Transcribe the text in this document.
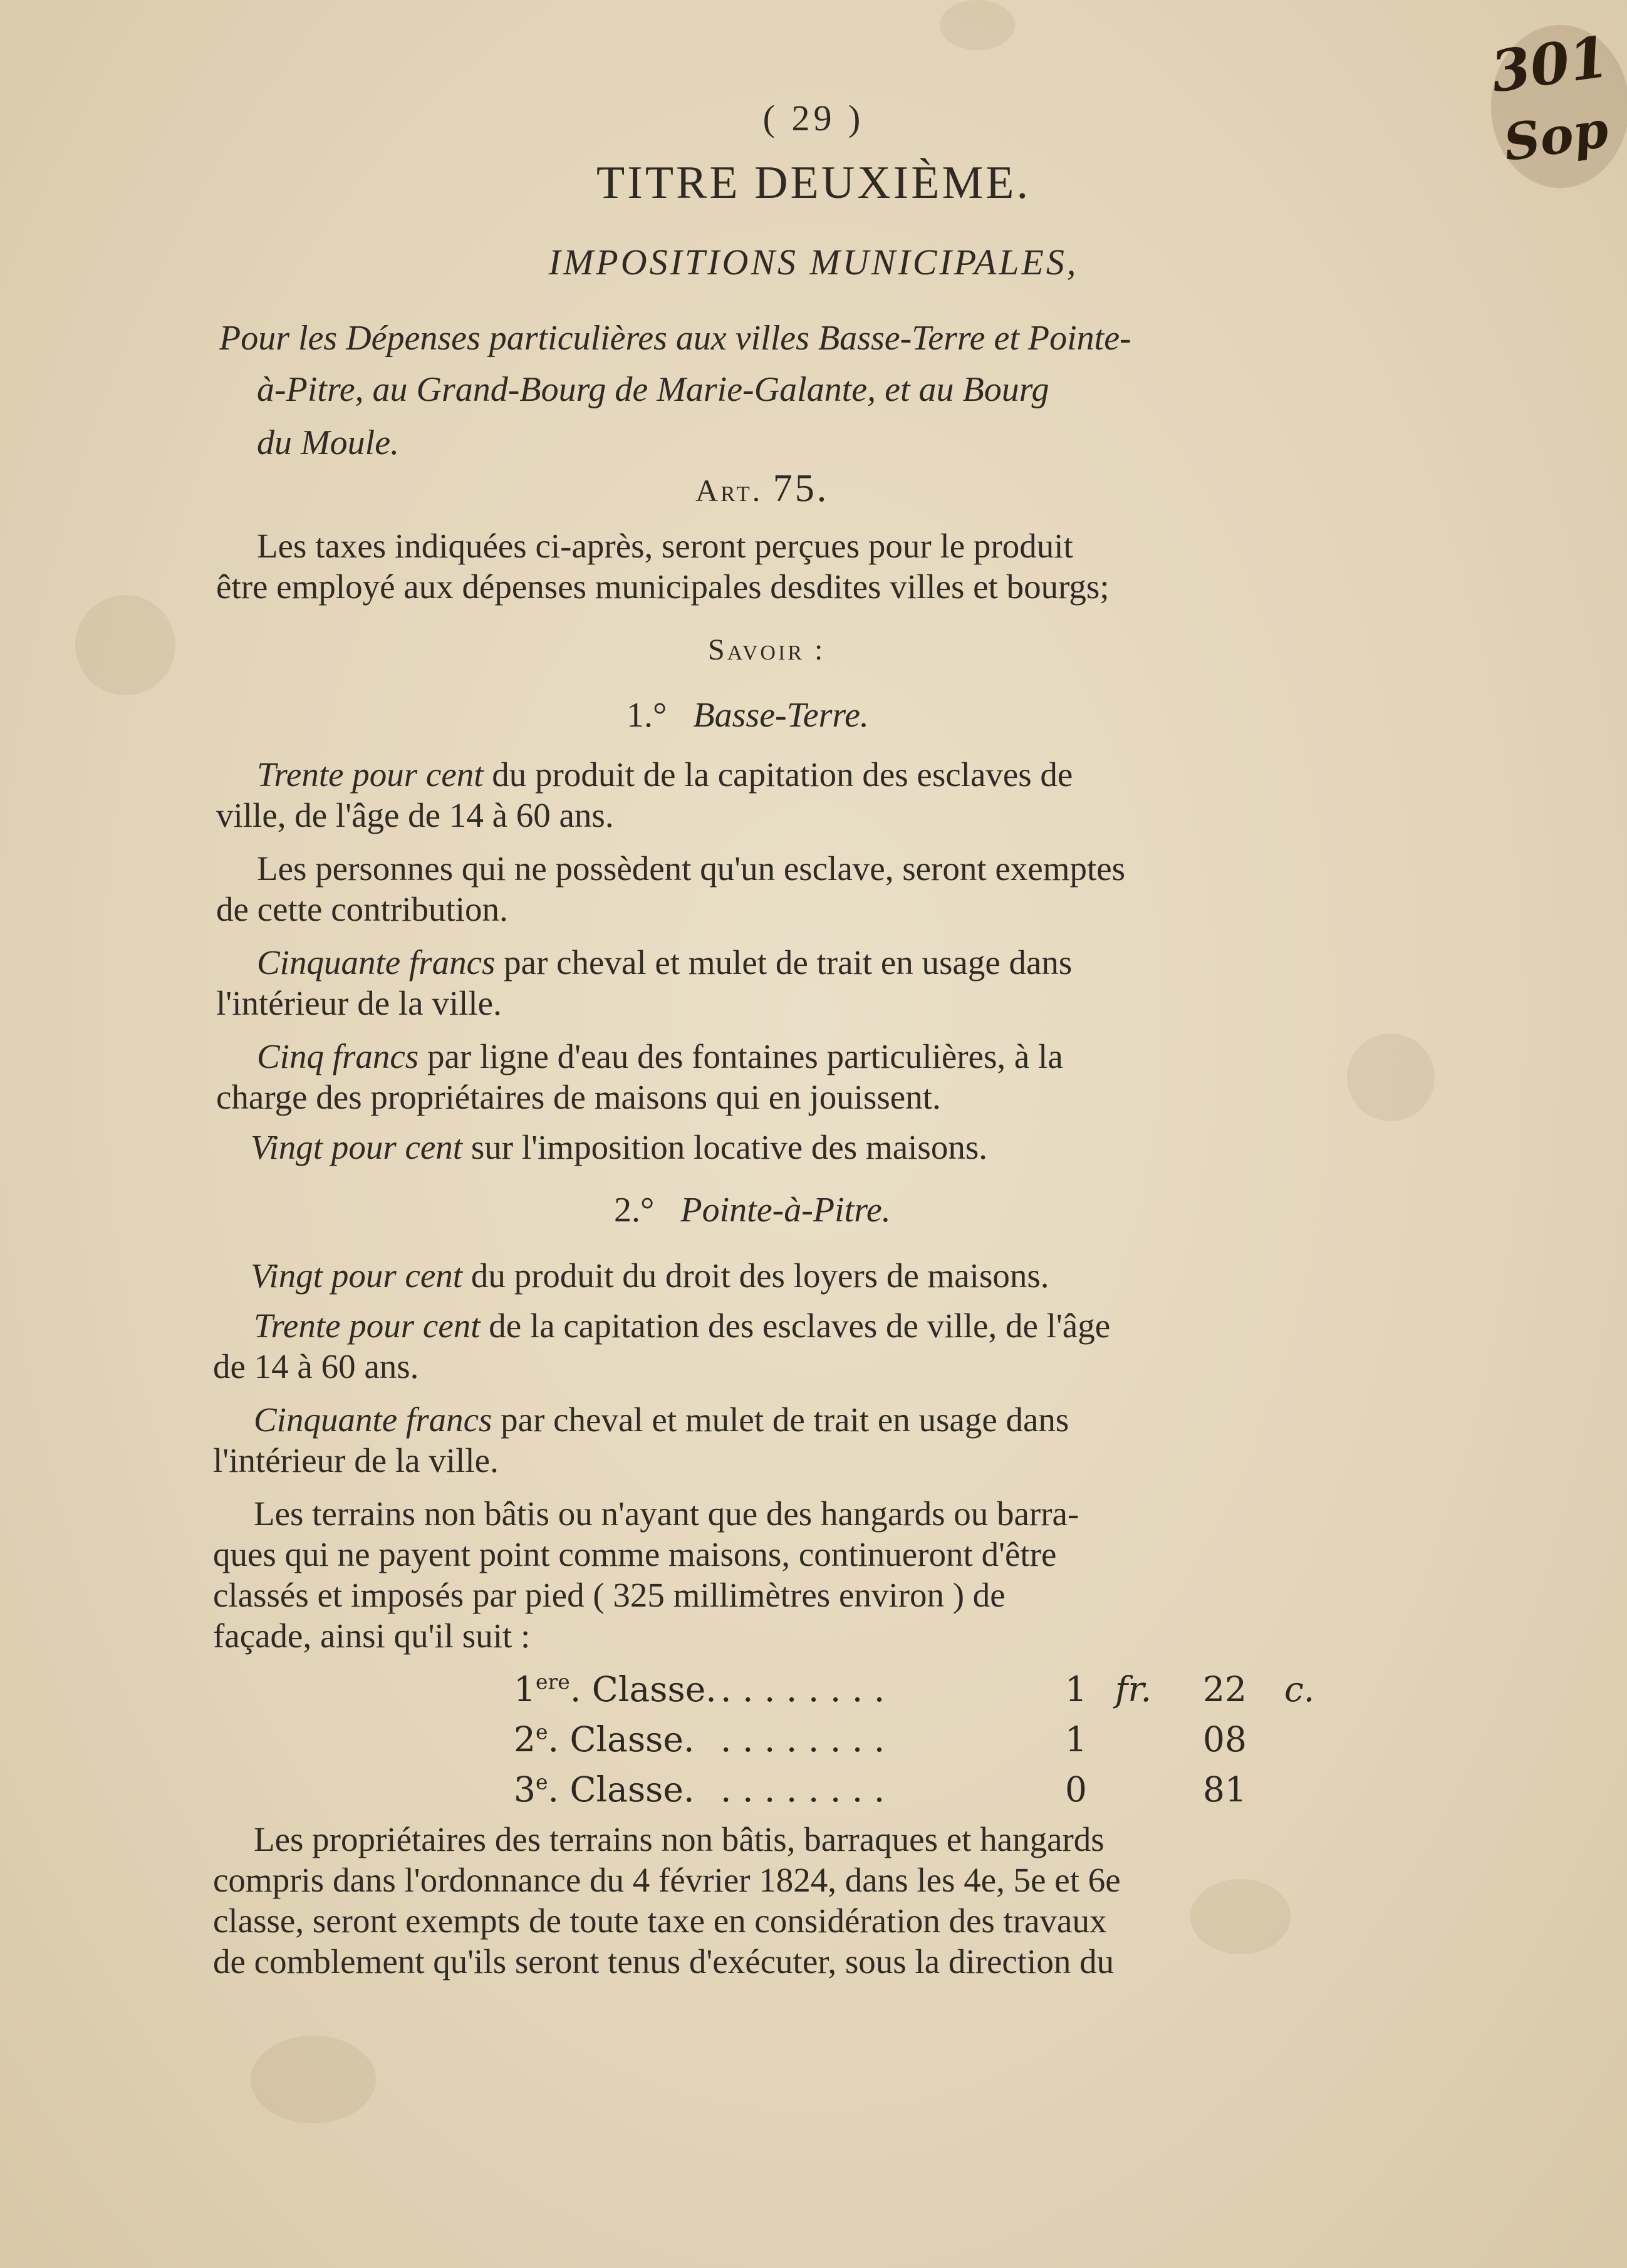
301
Sop
( 29 )
TITRE DEUXIÈME.
IMPOSITIONS MUNICIPALES,
Pour les Dépenses particulières aux villes Basse-Terre et Pointe-
à-Pitre, au Grand-Bourg de Marie-Galante, et au Bourg
du Moule.
Art. 75.
Les taxes indiquées ci-après, seront perçues pour le produit
être employé aux dépenses municipales desdites villes et bourgs;
Savoir :
1.° Basse-Terre.
Trente pour cent du produit de la capitation des esclaves de
ville, de l'âge de 14 à 60 ans.
Les personnes qui ne possèdent qu'un esclave, seront exemptes
de cette contribution.
Cinquante francs par cheval et mulet de trait en usage dans
l'intérieur de la ville.
Cinq francs par ligne d'eau des fontaines particulières, à la
charge des propriétaires de maisons qui en jouissent.
Vingt pour cent sur l'imposition locative des maisons.
2.° Pointe-à-Pitre.
Vingt pour cent du produit du droit des loyers de maisons.
Trente pour cent de la capitation des esclaves de ville, de l'âge
de 14 à 60 ans.
Cinquante francs par cheval et mulet de trait en usage dans
l'intérieur de la ville.
Les terrains non bâtis ou n'ayant que des hangards ou barra-
ques qui ne payent point comme maisons, continueront d'être
classés et imposés par pied ( 325 millimètres environ ) de
façade, ainsi qu'il suit :
1ere. Classe. . . . . . . . .	1 fr. 22 c.
2e. Classe. . . . . . . . .	1	08
3e. Classe. . . . . . . . .	0	81
Les propriétaires des terrains non bâtis, barraques et hangards
compris dans l'ordonnance du 4 février 1824, dans les 4e, 5e et 6e
classe, seront exempts de toute taxe en considération des travaux
de comblement qu'ils seront tenus d'exécuter, sous la direction du
